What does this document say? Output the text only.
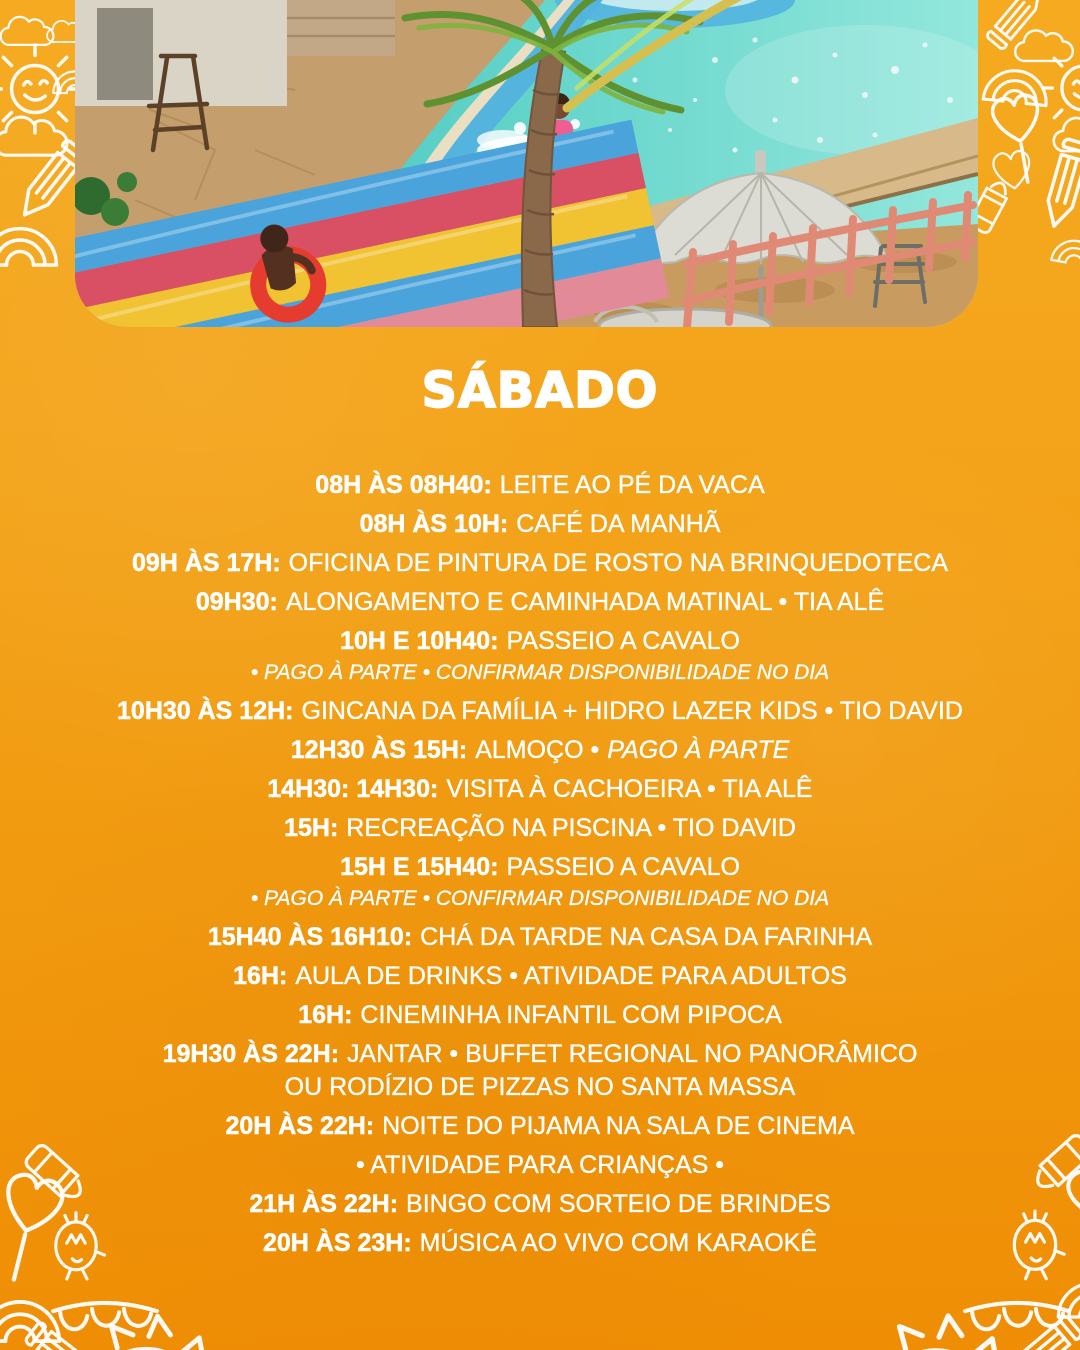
SÁBADO
08H ÀS 08H40: LEITE AO PÉ DA VACA
08H ÀS 10H: CAFÉ DA MANHÃ
09H ÀS 17H: OFICINA DE PINTURA DE ROSTO NA BRINQUEDOTECA
09H30: ALONGAMENTO E CAMINHADA MATINAL • TIA ALÊ
10H E 10H40: PASSEIO A CAVALO
• PAGO À PARTE • CONFIRMAR DISPONIBILIDADE NO DIA
10H30 ÀS 12H: GINCANA DA FAMÍLIA + HIDRO LAZER KIDS • TIO DAVID
12H30 ÀS 15H: ALMOÇO • PAGO À PARTE
14H30: 14H30: VISITA À CACHOEIRA • TIA ALÊ
15H: RECREAÇÃO NA PISCINA • TIO DAVID
15H E 15H40: PASSEIO A CAVALO
• PAGO À PARTE • CONFIRMAR DISPONIBILIDADE NO DIA
15H40 ÀS 16H10: CHÁ DA TARDE NA CASA DA FARINHA
16H: AULA DE DRINKS • ATIVIDADE PARA ADULTOS
16H: CINEMINHA INFANTIL COM PIPOCA
19H30 ÀS 22H: JANTAR • BUFFET REGIONAL NO PANORÂMICO OU RODÍZIO DE PIZZAS NO SANTA MASSA
20H ÀS 22H: NOITE DO PIJAMA NA SALA DE CINEMA
• ATIVIDADE PARA CRIANÇAS •
21H ÀS 22H: BINGO COM SORTEIO DE BRINDES
20H ÀS 23H: MÚSICA AO VIVO COM KARAOKÊ
